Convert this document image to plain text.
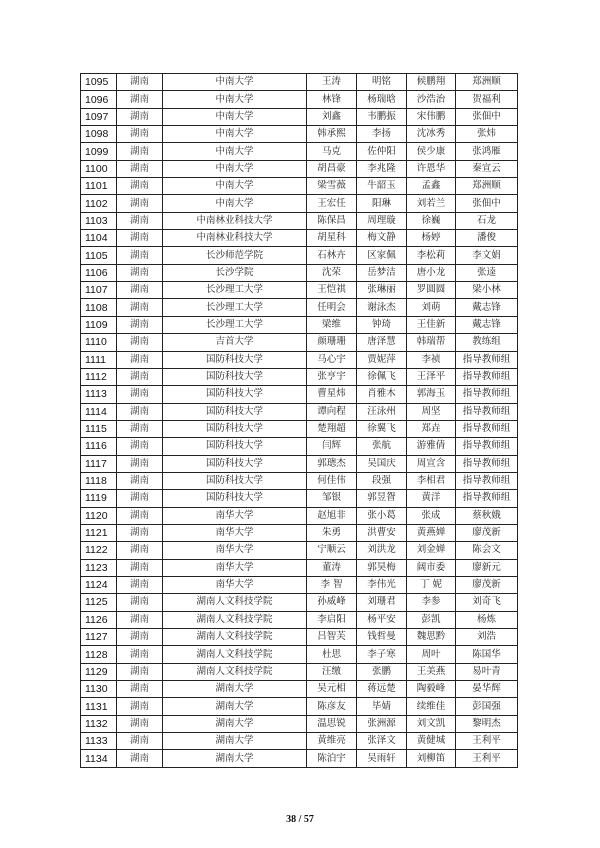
1095	湖南	中南大学	王涛	明铭	候鹏翔	郑洲顺
1096	湖南	中南大学	林锋	杨瑞晗	沙浩治	贺福利
1097	湖南	中南大学	刘鑫	韦鹏振	宋伟鹏	张佃中
1098	湖南	中南大学	韩承熙	李扬	沈冰秀	张炜
1099	湖南	中南大学	马克	佐仲阳	侯少康	张鸿雁
1100	湖南	中南大学	胡昌豪	李兆隆	许恩华	秦宣云
1101	湖南	中南大学	梁雪薇	牛韶玉	孟鑫	郑洲顺
1102	湖南	中南大学	王宏任	阳琳	刘若兰	张佃中
1103	湖南	中南林业科技大学	陈保昌	周理璇	徐巍	石龙
1104	湖南	中南林业科技大学	胡星科	梅文静	杨婷	潘俊
1105	湖南	长沙师范学院	石林卉	区家佩	李松莉	李文娟
1106	湖南	长沙学院	沈荣	岳梦洁	唐小龙	张逵
1107	湖南	长沙理工大学	王恺祺	张琳丽	罗圆圆	梁小林
1108	湖南	长沙理工大学	任明会	谢泳杰	刘萌	戴志锋
1109	湖南	长沙理工大学	梁维	钟琦	王佳新	戴志锋
1110	湖南	吉首大学	颜珊珊	唐泽慧	韩瑞帮	教练组
1111	湖南	国防科技大学	马心宇	贾妮萍	李祯	指导教师组
1112	湖南	国防科技大学	张亨宇	徐佩飞	王泽平	指导教师组
1113	湖南	国防科技大学	曹星炜	肖雅木	郭海玉	指导教师组
1114	湖南	国防科技大学	谭向程	汪泳州	周坚	指导教师组
1115	湖南	国防科技大学	楚翔超	徐翼飞	郑垚	指导教师组
1116	湖南	国防科技大学	闫辉	张航	游雅倩	指导教师组
1117	湖南	国防科技大学	郭璁杰	吴国庆	周宣含	指导教师组
1118	湖南	国防科技大学	何佳伟	段强	李相君	指导教师组
1119	湖南	国防科技大学	邹银	郭昱眢	黄洋	指导教师组
1120	湖南	南华大学	赵旭非	张小葛	张成	蔡秋娥
1121	湖南	南华大学	朱勇	洪曹安	黄燕婵	廖茂新
1122	湖南	南华大学	宁顺云	刘洪龙	刘金婵	陈会文
1123	湖南	南华大学	董涛	郭昊梅	阔市委	廖新元
1124	湖南	南华大学	李 智	李伟光	丁 妮	廖茂新
1125	湖南	湖南人文科技学院	孙威峰	刘珊君	李参	刘奇飞
1126	湖南	湖南人文科技学院	李启阳	杨平安	彭凯	杨炼
1127	湖南	湖南人文科技学院	吕智芙	钱哲曼	魏思黔	刘浩
1128	湖南	湖南人文科技学院	杜思	李子寒	周叶	陈国华
1129	湖南	湖南人文科技学院	汪缴	张鹏	王美燕	易叶青
1130	湖南	湖南大学	吴元相	蒋远楚	陶毅峰	晏华辉
1131	湖南	湖南大学	陈彦友	毕婧	续维佳	彭国强
1132	湖南	湖南大学	温思锐	张洲源	刘文凯	黎明杰
1133	湖南	湖南大学	黄维亮	张泽文	黄健城	王利平
1134	湖南	湖南大学	陈泊宇	吴雨轩	刘柳笛	王利平
38 / 57
